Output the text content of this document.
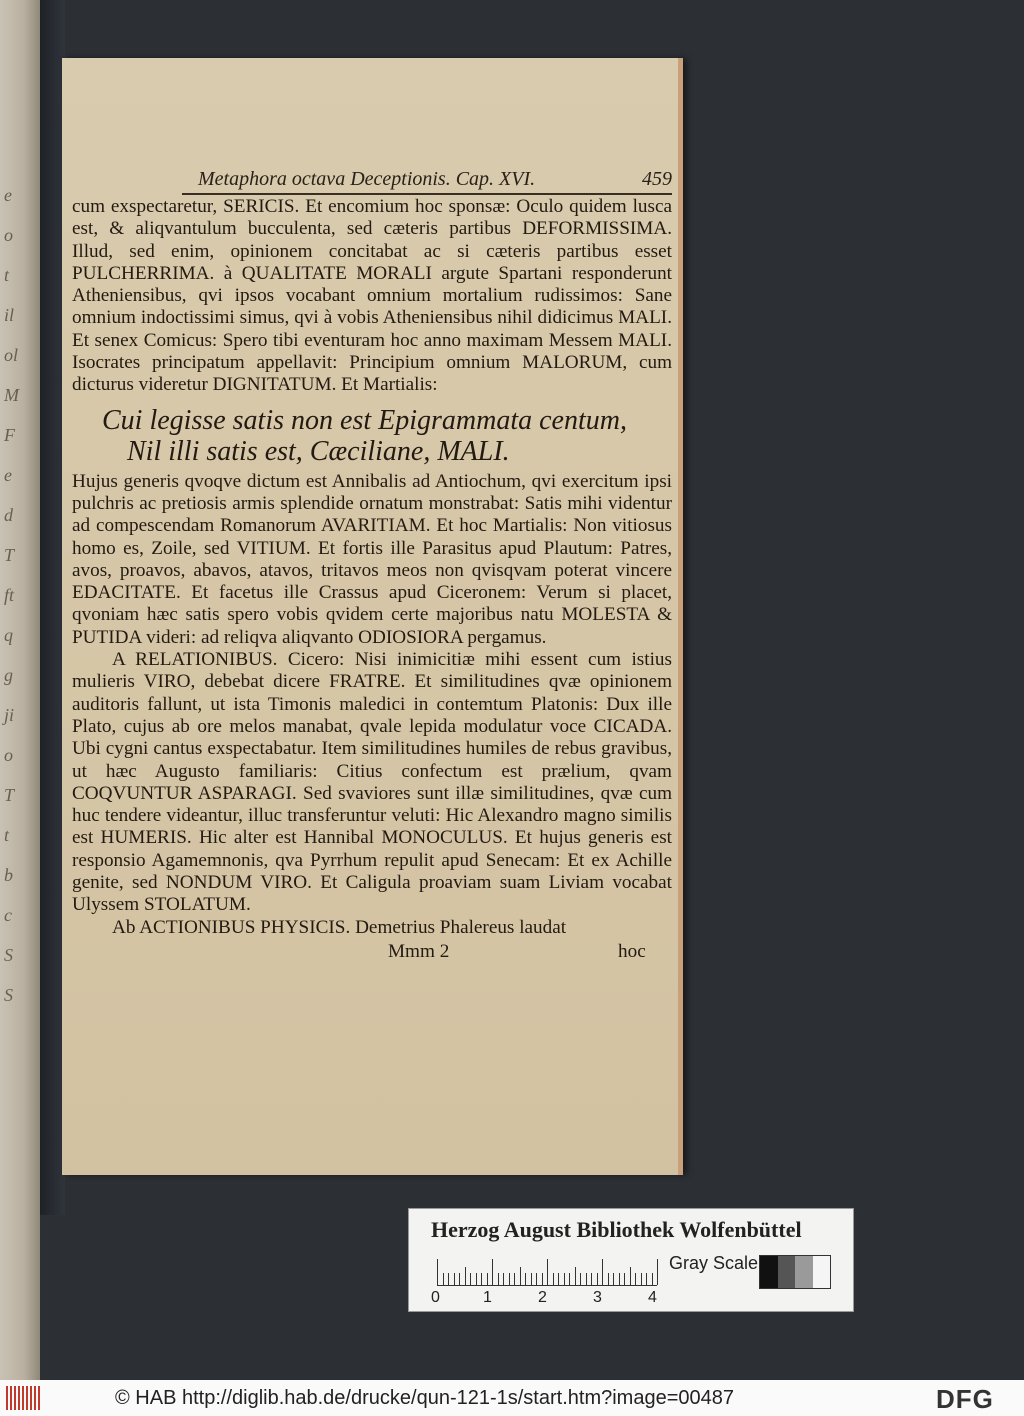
e
o
t
il
ol
M
F
e
d
T
ft
q
g
ji
o
T
t
b
c
S
S
Metaphora octava Deceptionis. Cap. XVI.	459

cum exspectaretur, SERICIS. Et encomium hoc sponsæ: Oculo quidem lusca est, & aliqvantulum bucculenta, sed cæteris partibus DEFORMISSIMA. Illud, sed enim, opinionem concitabat ac si cæteris partibus esset PULCHERRIMA. à QUALITATE MORALI argute Spartani responderunt Atheniensibus, qvi ipsos vocabant omnium mortalium rudissimos: Sane omnium indoctissimi simus, qvi à vobis Atheniensibus nihil didicimus MALI. Et senex Comicus: Spero tibi eventuram hoc anno maximam Messem MALI. Isocrates principatum appellavit: Principium omnium MALORUM, cum dicturus videretur DIGNITATUM. Et Martialis:

Cui legisse satis non est Epigrammata centum,
Nil illi satis est, Cæciliane, MALI.

Hujus generis qvoqve dictum est Annibalis ad Antiochum, qvi exercitum ipsi pulchris ac pretiosis armis splendide ornatum monstrabat: Satis mihi videntur ad compescendam Romanorum AVARITIAM. Et hoc Martialis: Non vitiosus homo es, Zoile, sed VITIUM. Et fortis ille Parasitus apud Plautum: Patres, avos, proavos, abavos, atavos, tritavos meos non qvisqvam poterat vincere EDACITATE. Et facetus ille Crassus apud Ciceronem: Verum si placet, qvoniam hæc satis spero vobis qvidem certe majoribus natu MOLESTA & PUTIDA videri: ad reliqva aliqvanto ODIOSIORA pergamus.

A RELATIONIBUS. Cicero: Nisi inimicitiæ mihi essent cum istius mulieris VIRO, debebat dicere FRATRE. Et similitudines qvæ opinionem auditoris fallunt, ut ista Timonis maledici in contemtum Platonis: Dux ille Plato, cujus ab ore melos manabat, qvale lepida modulatur voce CICADA. Ubi cygni cantus exspectabatur. Item similitudines humiles de rebus gravibus, ut hæc Augusto familiaris: Citius confectum est prælium, qvam COQVUNTUR ASPARAGI. Sed svaviores sunt illæ similitudines, qvæ cum huc tendere videantur, illuc transferuntur veluti: Hic Alexandro magno similis est HUMERIS. Hic alter est Hannibal MONOCULUS. Et hujus generis est responsio Agamemnonis, qva Pyrrhum repulit apud Senecam: Et ex Achille genite, sed NONDUM VIRO. Et Caligula proaviam suam Liviam vocabat Ulyssem STOLATUM.

Ab ACTIONIBUS PHYSICIS. Demetrius Phalereus laudat

Mmm 2	hoc
Herzog August Bibliothek Wolfenbüttel
0	1	2	3	4
Gray Scale
© HAB http://diglib.hab.de/drucke/qun-121-1s/start.htm?image=00487	DFG
